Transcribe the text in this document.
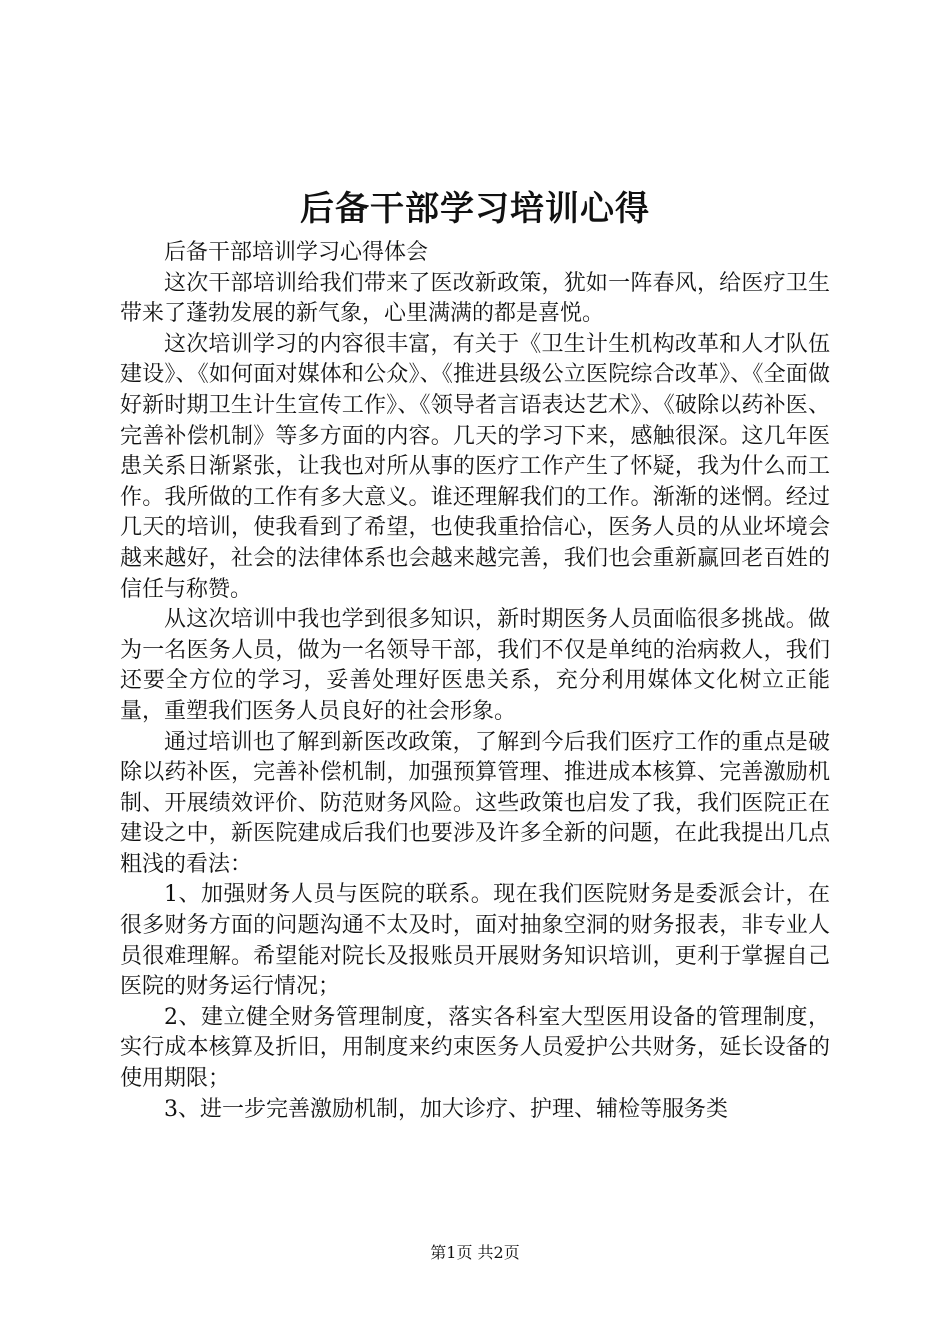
后备干部学习培训心得

后备干部培训学习心得体会

这次干部培训给我们带来了医改新政策，犹如一阵春风，给医疗卫生带来了蓬勃发展的新气象，心里满满的都是喜悦。

这次培训学习的内容很丰富，有关于《卫生计生机构改革和人才队伍建设》、《如何面对媒体和公众》、《推进县级公立医院综合改革》、《全面做好新时期卫生计生宣传工作》、《领导者言语表达艺术》、《破除以药补医、完善补偿机制》等多方面的内容。几天的学习下来，感触很深。这几年医患关系日渐紧张，让我也对所从事的医疗工作产生了怀疑，我为什么而工作。我所做的工作有多大意义。谁还理解我们的工作。渐渐的迷惘。经过几天的培训，使我看到了希望，也使我重拾信心，医务人员的从业坏境会越来越好，社会的法律体系也会越来越完善，我们也会重新赢回老百姓的信任与称赞。

从这次培训中我也学到很多知识，新时期医务人员面临很多挑战。做为一名医务人员，做为一名领导干部，我们不仅是单纯的治病救人，我们还要全方位的学习，妥善处理好医患关系，充分利用媒体文化树立正能量，重塑我们医务人员良好的社会形象。

通过培训也了解到新医改政策，了解到今后我们医疗工作的重点是破除以药补医，完善补偿机制，加强预算管理、推进成本核算、完善激励机制、开展绩效评价、防范财务风险。这些政策也启发了我，我们医院正在建设之中，新医院建成后我们也要涉及许多全新的问题，在此我提出几点粗浅的看法：

1、加强财务人员与医院的联系。现在我们医院财务是委派会计，在很多财务方面的问题沟通不太及时，面对抽象空洞的财务报表，非专业人员很难理解。希望能对院长及报账员开展财务知识培训，更利于掌握自己医院的财务运行情况；

2、建立健全财务管理制度，落实各科室大型医用设备的管理制度，实行成本核算及折旧，用制度来约束医务人员爱护公共财务，延长设备的使用期限；

3、进一步完善激励机制，加大诊疗、护理、辅检等服务类

第1页 共2页
